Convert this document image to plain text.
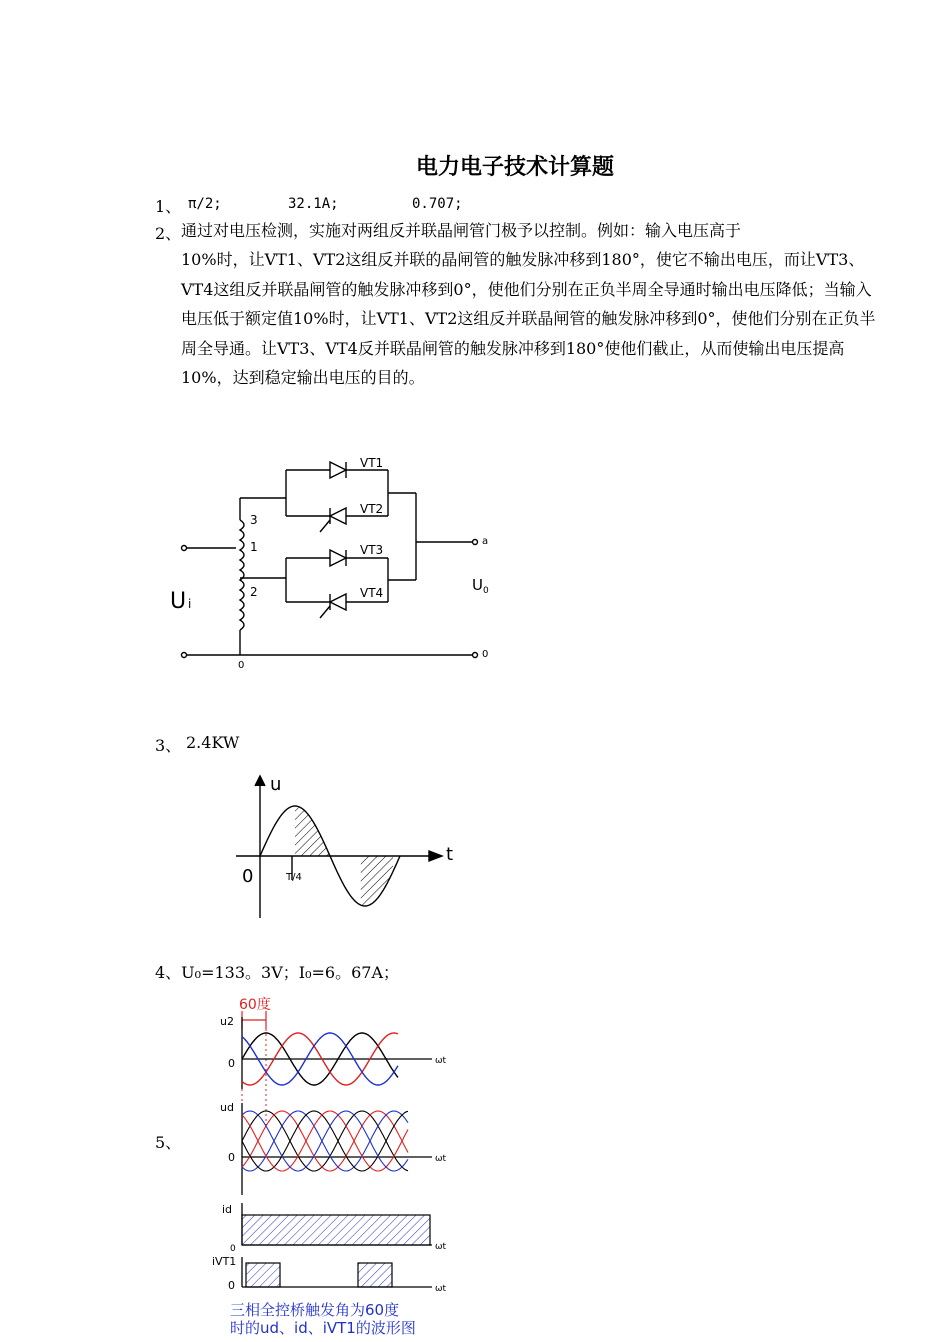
电力电子技术计算题
1、 π/2;	32.1A;	0.707;
2、 通过对电压检测，实施对两组反并联晶闸管门极予以控制。例如：输入电压高于
10%时，让VT1、VT2这组反并联的晶闸管的触发脉冲移到180°，使它不输出电压，而让VT3、VT4这组反并联晶闸管的触发脉冲移到0°，使他们分别在正负半周全导通时输出电压降低；当输入电压低于额定值10%时，让VT1、VT2这组反并联晶闸管的触发脉冲移到0°，使他们分别在正负半周全导通。让VT3、VT4反并联晶闸管的触发脉冲移到180°使他们截止，从而使输出电压提高10%，达到稳定输出电压的目的。
VT1
VT2
VT3
VT4
3
1
2
0
U i
U 0
a
0
3、 2.4KW
u
t
0	T/4
4、U₀=133。3V；I₀=6。67A；
5、
60度
u2
0	ωt
ud
0	ωt
id
0	ωt
iVT1
0	ωt
三相全控桥触发角为60度
时的ud、id、iVT1的波形图
